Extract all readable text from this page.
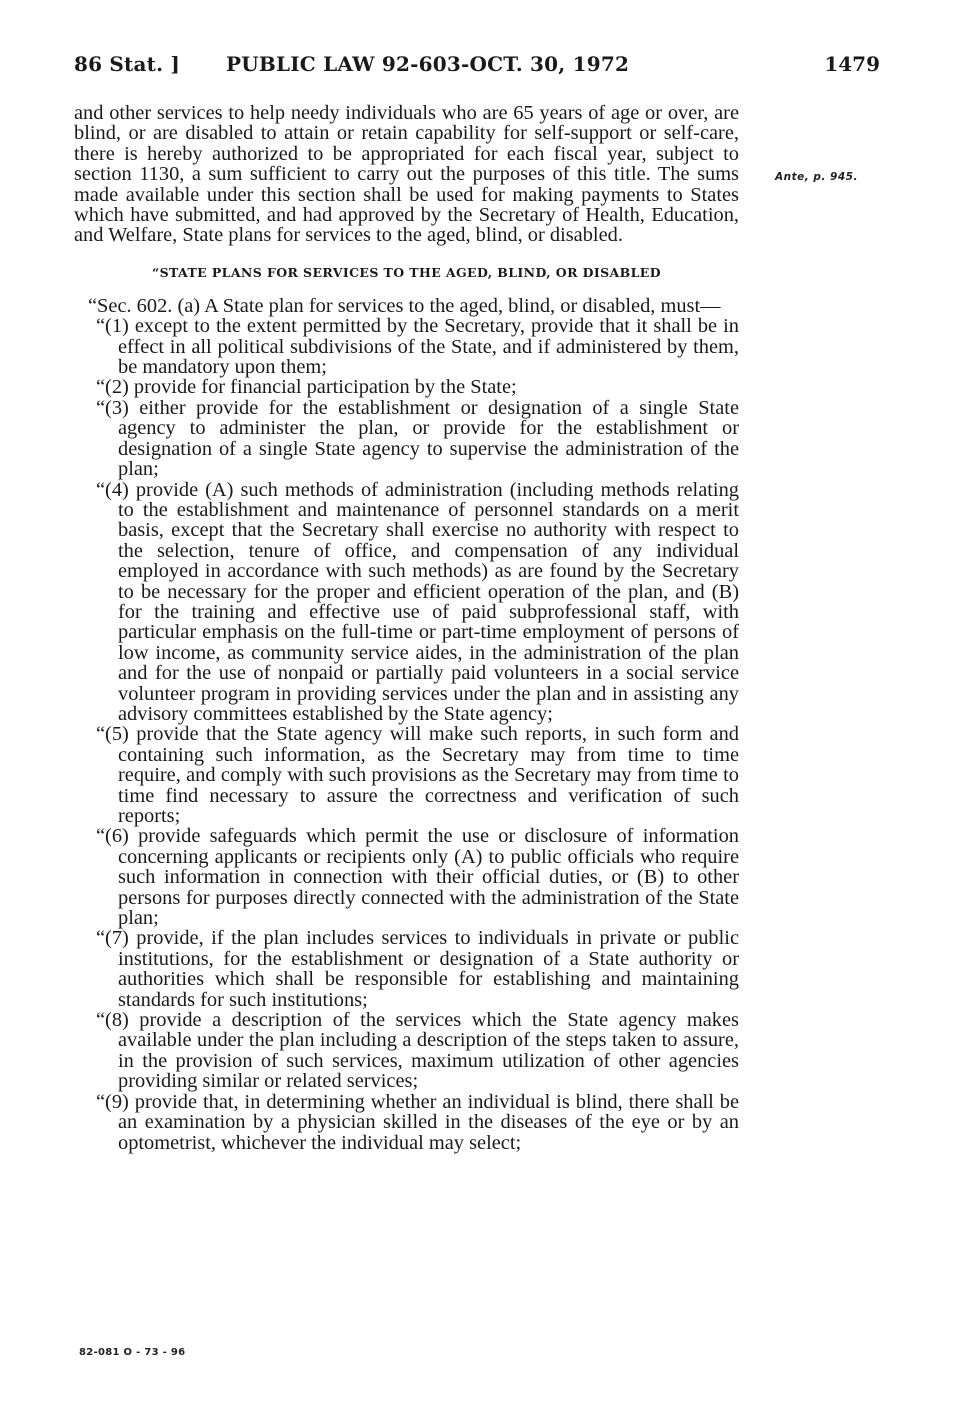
86 Stat. ] PUBLIC LAW 92-603-OCT. 30, 1972	1479
Ante, p. 945.

and other services to help needy individuals who are 65 years of age or over, are blind, or are disabled to attain or retain capability for self-support or self-care, there is hereby authorized to be appropriated for each fiscal year, subject to section 1130, a sum sufficient to carry out the purposes of this title. The sums made available under this section shall be used for making payments to States which have submitted, and had approved by the Secretary of Health, Education, and Welfare, State plans for services to the aged, blind, or disabled.

“STATE PLANS FOR SERVICES TO THE AGED, BLIND, OR DISABLED

“Sec. 602. (a) A State plan for services to the aged, blind, or disabled, must—

“(1) except to the extent permitted by the Secretary, provide that it shall be in effect in all political subdivisions of the State, and if administered by them, be mandatory upon them;

“(2) provide for financial participation by the State;

“(3) either provide for the establishment or designation of a single State agency to administer the plan, or provide for the establishment or designation of a single State agency to supervise the administration of the plan;

“(4) provide (A) such methods of administration (including methods relating to the establishment and maintenance of personnel standards on a merit basis, except that the Secretary shall exercise no authority with respect to the selection, tenure of office, and compensation of any individual employed in accordance with such methods) as are found by the Secretary to be necessary for the proper and efficient operation of the plan, and (B) for the training and effective use of paid subprofessional staff, with particular emphasis on the full-time or part-time employment of persons of low income, as community service aides, in the administration of the plan and for the use of nonpaid or partially paid volunteers in a social service volunteer program in providing services under the plan and in assisting any advisory committees established by the State agency;

“(5) provide that the State agency will make such reports, in such form and containing such information, as the Secretary may from time to time require, and comply with such provisions as the Secretary may from time to time find necessary to assure the correctness and verification of such reports;

“(6) provide safeguards which permit the use or disclosure of information concerning applicants or recipients only (A) to public officials who require such information in connection with their official duties, or (B) to other persons for purposes directly connected with the administration of the State plan;

“(7) provide, if the plan includes services to individuals in private or public institutions, for the establishment or designation of a State authority or authorities which shall be responsible for establishing and maintaining standards for such institutions;

“(8) provide a description of the services which the State agency makes available under the plan including a description of the steps taken to assure, in the provision of such services, maximum utilization of other agencies providing similar or related services;

“(9) provide that, in determining whether an individual is blind, there shall be an examination by a physician skilled in the diseases of the eye or by an optometrist, whichever the individual may select;

82-081 O - 73 - 96
